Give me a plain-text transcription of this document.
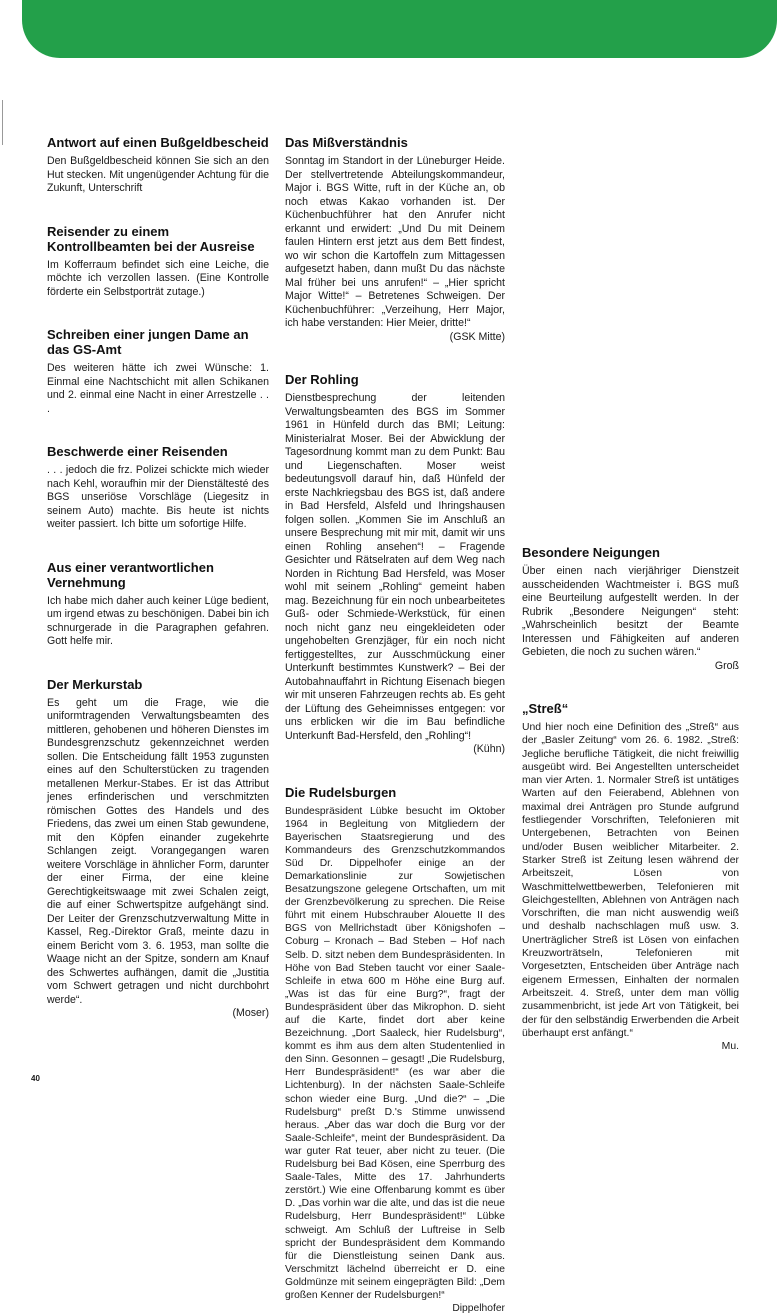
Antwort auf einen Bußgeldbescheid

Den Bußgeldbescheid können Sie sich an den Hut stecken. Mit ungenügender Achtung für die Zukunft, Unterschrift

Reisender zu einem Kontrollbeamten bei der Ausreise

Im Kofferraum befindet sich eine Leiche, die möchte ich verzollen lassen. (Eine Kontrolle förderte ein Selbstporträt zutage.)

Schreiben einer jungen Dame an das GS-Amt

Des weiteren hätte ich zwei Wünsche: 1. Einmal eine Nachtschicht mit allen Schikanen und 2. einmal eine Nacht in einer Arrestzelle . . .

Beschwerde einer Reisenden

. . . jedoch die frz. Polizei schickte mich wieder nach Kehl, woraufhin mir der Dienstältesté des BGS unseriöse Vorschläge (Liegesitz in seinem Auto) machte. Bis heute ist nichts weiter passiert. Ich bitte um sofortige Hilfe.

Aus einer verantwortlichen Vernehmung

Ich habe mich daher auch keiner Lüge bedient, um irgend etwas zu beschönigen. Dabei bin ich schnurgerade in die Paragraphen gefahren. Gott helfe mir.

Der Merkurstab

Es geht um die Frage, wie die uniformtragenden Verwaltungsbeamten des mittleren, gehobenen und höheren Dienstes im Bundesgrenzschutz gekennzeichnet werden sollen. Die Entscheidung fällt 1953 zugunsten eines auf den Schulterstücken zu tragenden metallenen Merkur-Stabes. Er ist das Attribut jenes erfinderischen und verschmitzten römischen Gottes des Handels und des Friedens, das zwei um einen Stab gewundene, mit den Köpfen einander zugekehrte Schlangen zeigt. Vorangegangen waren weitere Vorschläge in ähnlicher Form, darunter der einer Firma, der eine kleine Gerechtigkeitswaage mit zwei Schalen zeigt, die auf einer Schwertspitze aufgehängt sind. Der Leiter der Grenzschutzverwaltung Mitte in Kassel, Reg.-Direktor Graß, meinte dazu in einem Bericht vom 3. 6. 1953, man sollte die Waage nicht an der Spitze, sondern am Knauf des Schwertes aufhängen, damit die „Justitia vom Schwert getragen und nicht durchbohrt werde“.

(Moser)

Das Mißverständnis

Sonntag im Standort in der Lüneburger Heide. Der stellvertretende Abteilungskommandeur, Major i. BGS Witte, ruft in der Küche an, ob noch etwas Kakao vorhanden ist. Der Küchenbuchführer hat den Anrufer nicht erkannt und erwidert: „Und Du mit Deinem faulen Hintern erst jetzt aus dem Bett findest, wo wir schon die Kartoffeln zum Mittagessen aufgesetzt haben, dann mußt Du das nächste Mal früher bei uns anrufen!“ – „Hier spricht Major Witte!“ – Betretenes Schweigen. Der Küchenbuchführer: „Verzeihung, Herr Major, ich habe verstanden: Hier Meier, dritte!“

(GSK Mitte)

Der Rohling

Dienstbesprechung der leitenden Verwaltungsbeamten des BGS im Sommer 1961 in Hünfeld durch das BMI; Leitung: Ministerialrat Moser. Bei der Abwicklung der Tagesordnung kommt man zu dem Punkt: Bau und Liegenschaften. Moser weist bedeutungsvoll darauf hin, daß Hünfeld der erste Nachkriegsbau des BGS ist, daß andere in Bad Hersfeld, Alsfeld und Ihringshausen folgen sollen. „Kommen Sie im Anschluß an unsere Besprechung mit mir mit, damit wir uns einen Rohling ansehen“! – Fragende Gesichter und Rätselraten auf dem Weg nach Norden in Richtung Bad Hersfeld, was Moser wohl mit seinem „Rohling“ gemeint haben mag. Bezeichnung für ein noch unbearbeitetes Guß- oder Schmiede-Werkstück, für einen noch nicht ganz neu eingekleideten oder ungehobelten Grenzjäger, für ein noch nicht fertiggestelltes, zur Ausschmückung einer Unterkunft bestimmtes Kunstwerk? – Bei der Autobahnauffahrt in Richtung Eisenach biegen wir mit unseren Fahrzeugen rechts ab. Es geht der Lüftung des Geheimnisses entgegen: vor uns erblicken wir die im Bau befindliche Unterkunft Bad-Hersfeld, den „Rohling“!

(Kühn)

Die Rudelsburgen

Bundespräsident Lübke besucht im Oktober 1964 in Begleitung von Mitgliedern der Bayerischen Staatsregierung und des Kommandeurs des Grenzschutzkommandos Süd Dr. Dippelhofer einige an der Demarkationslinie zur Sowjetischen Besatzungszone gelegene Ortschaften, um mit der Grenzbevölkerung zu sprechen. Die Reise führt mit einem Hubschrauber Alouette II des BGS von Mellrichstadt über Königshofen – Coburg – Kronach – Bad Steben – Hof nach Selb. D. sitzt neben dem Bundespräsidenten. In Höhe von Bad Steben taucht vor einer Saale-Schleife in etwa 600 m Höhe eine Burg auf. „Was ist das für eine Burg?“, fragt der Bundespräsident über das Mikrophon. D. sieht auf die Karte, findet dort aber keine Bezeichnung. „Dort Saaleck, hier Rudelsburg“, kommt es ihm aus dem alten Studentenlied in den Sinn. Gesonnen – gesagt! „Die Rudelsburg, Herr Bundespräsident!“ (es war aber die Lichtenburg). In der nächsten Saale-Schleife schon wieder eine Burg. „Und die?“ – „Die Rudelsburg“ preßt D.'s Stimme unwissend heraus. „Aber das war doch die Burg vor der Saale-Schleife“, meint der Bundespräsident. Da war guter Rat teuer, aber nicht zu teuer. (Die Rudelsburg bei Bad Kösen, eine Sperrburg des Saale-Tales, Mitte des 17. Jahrhunderts zerstört.) Wie eine Offenbarung kommt es über D. „Das vorhin war die alte, und das ist die neue Rudelsburg, Herr Bundespräsident!“ Lübke schweigt. Am Schluß der Luftreise in Selb spricht der Bundespräsident dem Kommando für die Dienstleistung seinen Dank aus. Verschmitzt lächelnd überreicht er D. eine Goldmünze mit seinem eingeprägten Bild: „Dem großen Kenner der Rudelsburgen!“

Dippelhofer

Besondere Neigungen

Über einen nach vierjähriger Dienstzeit ausscheidenden Wachtmeister i. BGS muß eine Beurteilung aufgestellt werden. In der Rubrik „Besondere Neigungen“ steht: „Wahrscheinlich besitzt der Beamte Interessen und Fähigkeiten auf anderen Gebieten, die noch zu suchen wären.“

Groß

„Streß“

Und hier noch eine Definition des „Streß“ aus der „Basler Zeitung“ vom 26. 6. 1982. „Streß: Jegliche berufliche Tätigkeit, die nicht freiwillig ausgeübt wird. Bei Angestellten unterscheidet man vier Arten. 1. Normaler Streß ist untätiges Warten auf den Feierabend, Ablehnen von maximal drei Anträgen pro Stunde aufgrund festliegender Vorschriften, Telefonieren mit Untergebenen, Betrachten von Beinen und/oder Busen weiblicher Mitarbeiter. 2. Starker Streß ist Zeitung lesen während der Arbeitszeit, Lösen von Waschmittelwettbewerben, Telefonieren mit Gleichgestellten, Ablehnen von Anträgen nach Vorschriften, die man nicht auswendig weiß und deshalb nachschlagen muß usw. 3. Unerträglicher Streß ist Lösen von einfachen Kreuzworträtseln, Telefonieren mit Vorgesetzten, Entscheiden über Anträge nach eigenem Ermessen, Einhalten der normalen Arbeitszeit. 4. Streß, unter dem man völlig zusammenbricht, ist jede Art von Tätigkeit, bei der für den selbständig Erwerbenden die Arbeit überhaupt erst anfängt.“

Mu.

40
